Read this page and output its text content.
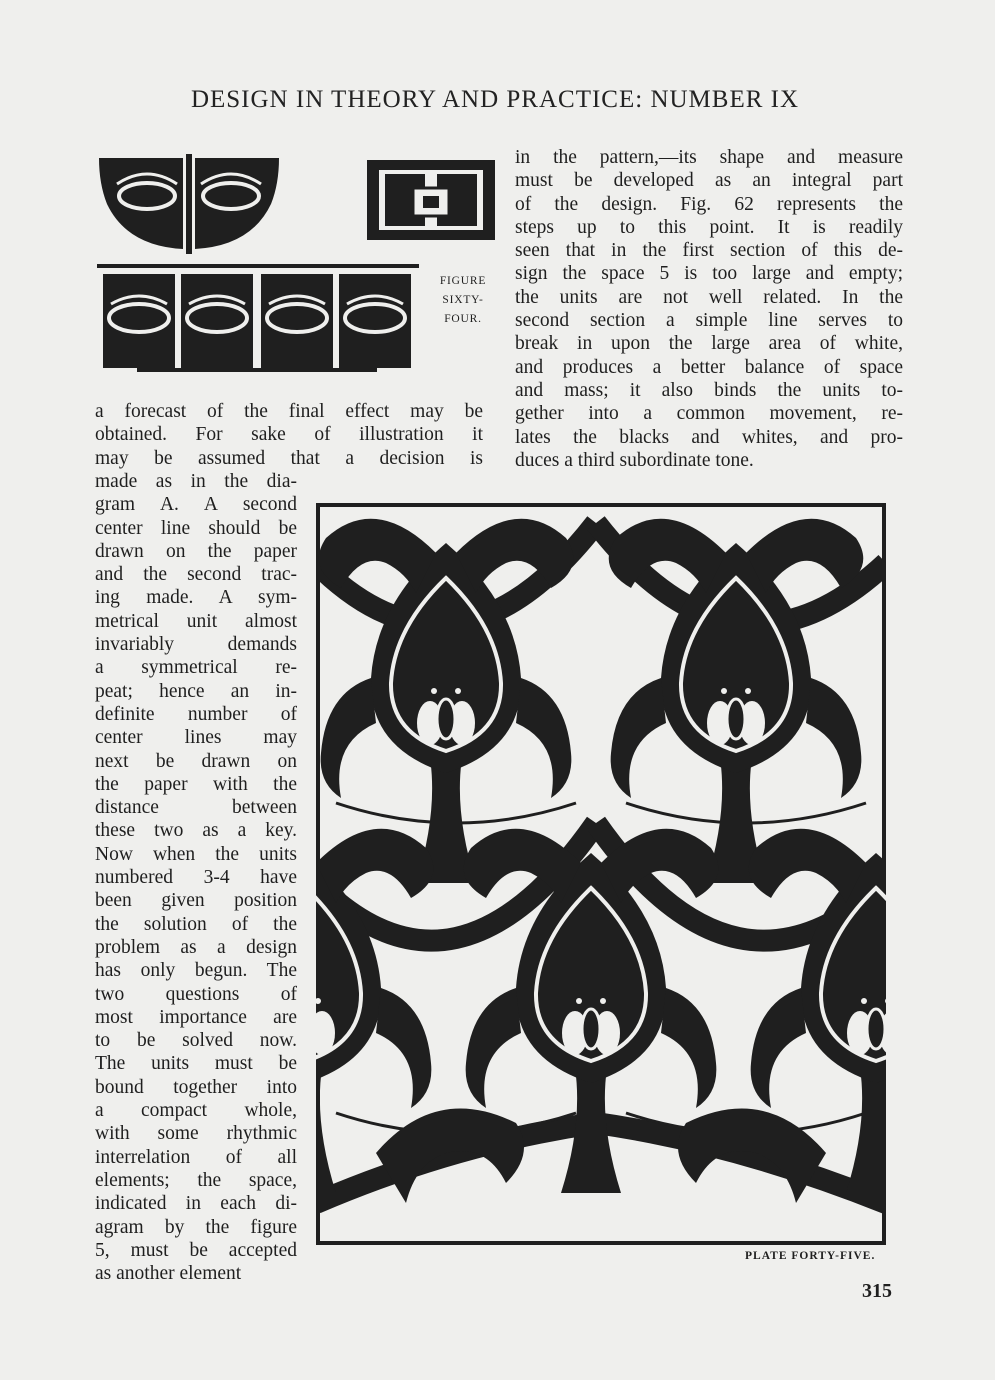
DESIGN IN THEORY AND PRACTICE: NUMBER IX
FIGURE
SIXTY-
FOUR.
in the pattern,—its shape and measure
must be developed as an integral part
of the design. Fig. 62 represents the
steps up to this point. It is readily
seen that in the first section of this de-
sign the space 5 is too large and empty;
the units are not well related. In the
second section a simple line serves to
break in upon the large area of white,
and produces a better balance of space
and mass; it also binds the units to-
gether into a common movement, re-
lates the blacks and whites, and pro-
duces a third subordinate tone.
a forecast of the final effect may be
obtained. For sake of illustration it
may be assumed that a decision is
made as in the dia-
gram A. A second
center line should be
drawn on the paper
and the second trac-
ing made. A sym-
metrical unit almost
invariably demands
a symmetrical re-
peat; hence an in-
definite number of
center lines may
next be drawn on
the paper with the
distance between
these two as a key.
Now when the units
numbered 3-4 have
been given position
the solution of the
problem as a design
has only begun. The
two questions of
most importance are
to be solved now.
The units must be
bound together into
a compact whole,
with some rhythmic
interrelation of all
elements; the space,
indicated in each di-
agram by the figure
5, must be accepted
as another element
PLATE FORTY-FIVE.
315
